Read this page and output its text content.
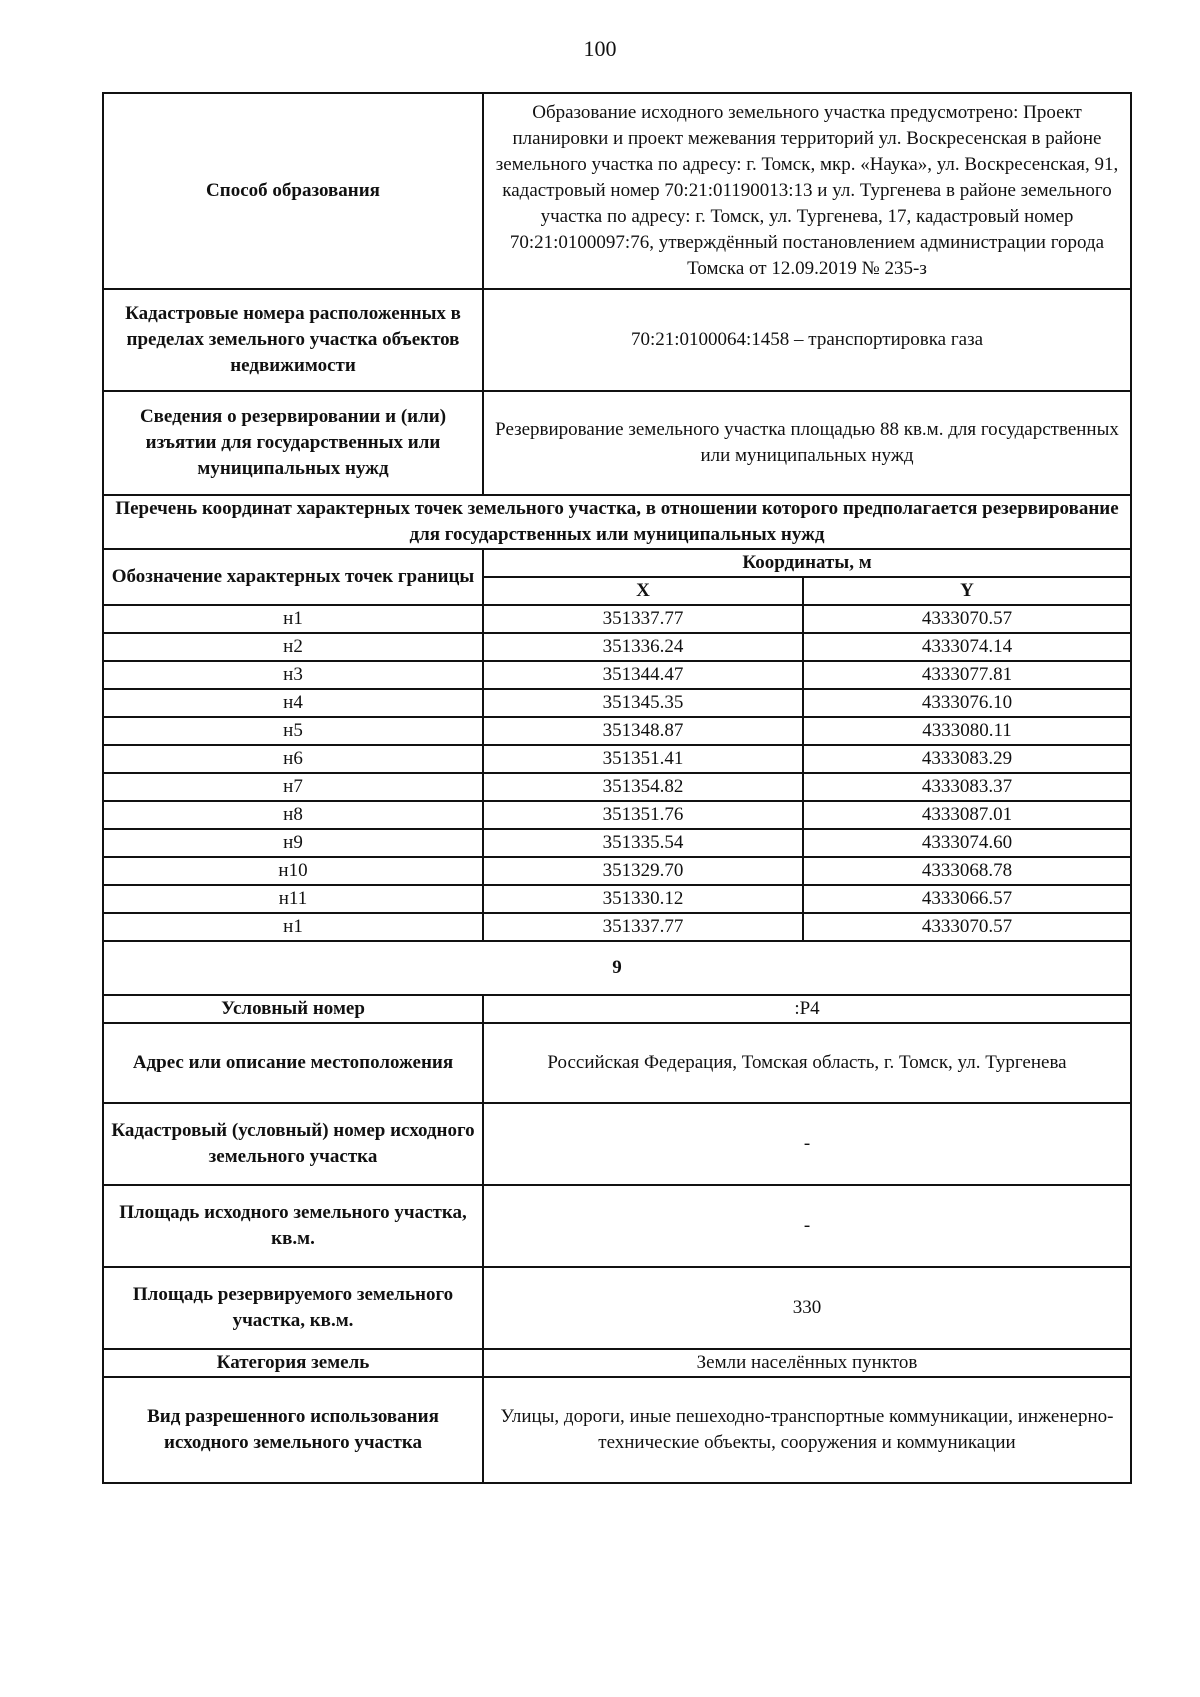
100
Способ образования	Образование исходного земельного участка предусмотрено: Проект планировки и проект межевания территорий ул. Воскресенская в районе земельного участка по адресу: г. Томск, мкр. «Наука», ул. Воскресенская, 91, кадастровый номер 70:21:01190013:13 и ул. Тургенева в районе земельного участка по адресу: г. Томск, ул. Тургенева, 17, кадастровый номер 70:21:0100097:76, утверждённый постановлением администрации города Томска от 12.09.2019 № 235-з	
Кадастровые номера расположенных в пределах земельного участка объектов недвижимости	70:21:0100064:1458 – транспортировка газа	
Сведения о резервировании и (или) изъятии для государственных или муниципальных нужд	Резервирование земельного участка площадью 88 кв.м. для государственных или муниципальных нужд	
Перечень координат характерных точек земельного участка, в отношении которого предполагается резервирование для государственных или муниципальных нужд		
Обозначение характерных точек границы	Координаты, м	
	X	Y
н1	351337.77	4333070.57
н2	351336.24	4333074.14
н3	351344.47	4333077.81
н4	351345.35	4333076.10
н5	351348.87	4333080.11
н6	351351.41	4333083.29
н7	351354.82	4333083.37
н8	351351.76	4333087.01
н9	351335.54	4333074.60
н10	351329.70	4333068.78
н11	351330.12	4333066.57
н1	351337.77	4333070.57
9		
Условный номер	:Р4	
Адрес или описание местоположения	Российская Федерация, Томская область, г. Томск, ул. Тургенева	
Кадастровый (условный) номер исходного земельного участка	-	
Площадь исходного земельного участка, кв.м.	-	
Площадь резервируемого земельного участка, кв.м.	330	
Категория земель	Земли населённых пунктов	
Вид разрешенного использования исходного земельного участка	Улицы, дороги, иные пешеходно-транспортные коммуникации, инженерно-технические объекты, сооружения и коммуникации	
